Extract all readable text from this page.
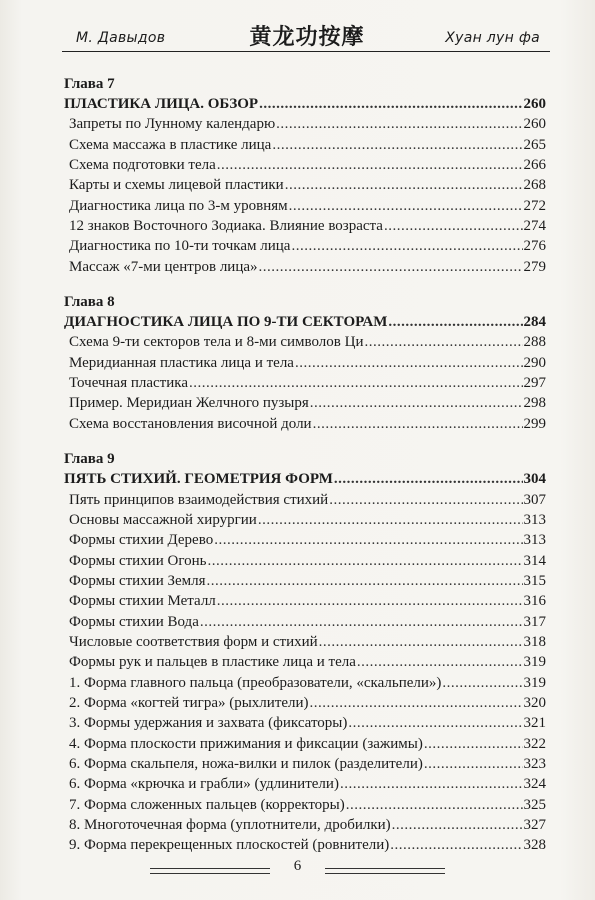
М. Давыдов	黄龙功按摩	Хуан лун фа
Глава 7
ПЛАСТИКА ЛИЦА. ОБЗОР .....	260
Запреты по Лунному календарю .....	260
Схема массажа в пластике лица .....	265
Схема подготовки тела .....	266
Карты и схемы лицевой пластики .....	268
Диагностика лица по 3-м уровням .....	272
12 знаков Восточного Зодиака. Влияние возраста .....	274
Диагностика по 10-ти точкам лица .....	276
Массаж «7-ми центров лица» .....	279
Глава 8
ДИАГНОСТИКА ЛИЦА ПО 9-ТИ СЕКТОРАМ .....	284
Схема 9-ти секторов тела и 8-ми символов Ци .....	288
Меридианная пластика лица и тела .....	290
Точечная пластика .....	297
Пример. Меридиан Желчного пузыря .....	298
Схема восстановления височной доли .....	299
Глава 9
ПЯТЬ СТИХИЙ. ГЕОМЕТРИЯ ФОРМ .....	304
Пять принципов взаимодействия стихий .....	307
Основы массажной хирургии .....	313
Формы стихии Дерево .....	313
Формы стихии Огонь .....	314
Формы стихии Земля .....	315
Формы стихии Металл .....	316
Формы стихии Вода .....	317
Числовые соответствия форм и стихий .....	318
Формы рук и пальцев в пластике лица и тела .....	319
1. Форма главного пальца (преобразователи, «скальпели») .....	319
2. Форма «когтей тигра» (рыхлители) .....	320
3. Формы удержания и захвата (фиксаторы) .....	321
4. Форма плоскости прижимания и фиксации (зажимы) .....	322
6. Форма скальпеля, ножа-вилки и пилок (разделители) .....	323
6. Форма «крючка и грабли» (удлинители) .....	324
7. Форма сложенных пальцев (корректоры) .....	325
8. Многоточечная форма (уплотнители, дробилки) .....	327
9. Форма перекрещенных плоскостей (ровнители) .....	328
6
